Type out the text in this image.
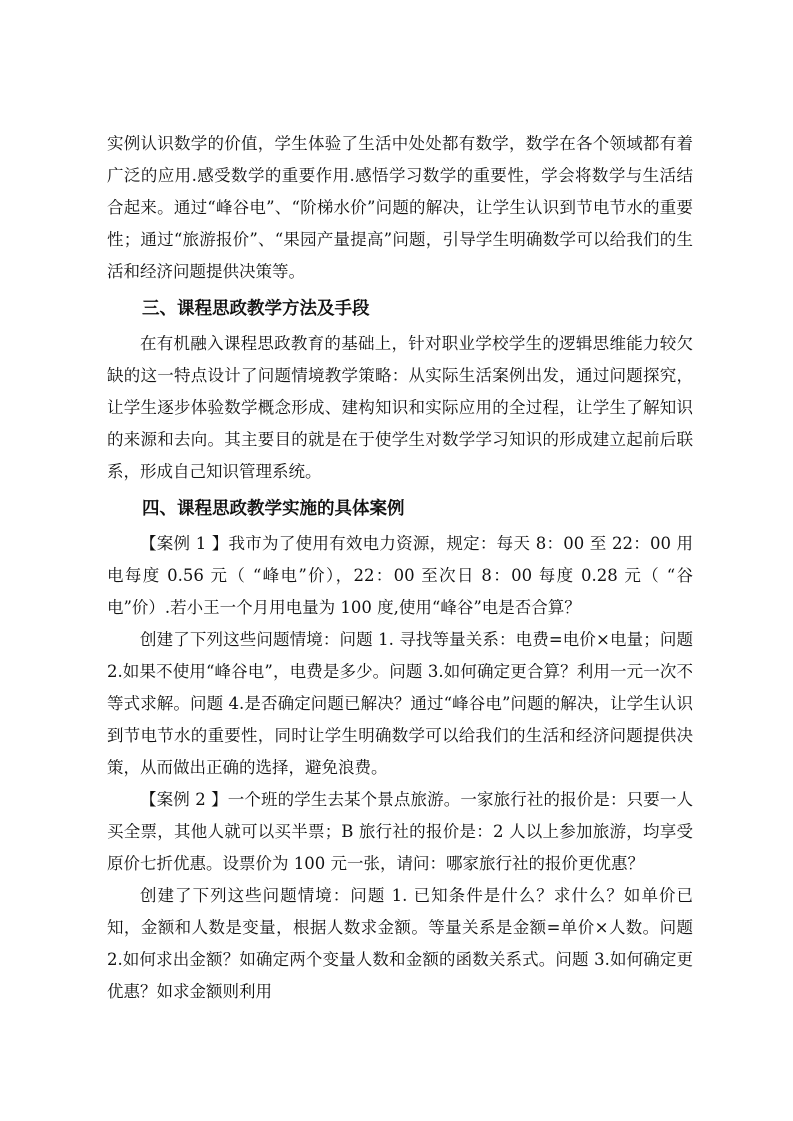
实例认识数学的价值，学生体验了生活中处处都有数学，数学在各个领域都有着广泛的应用.感受数学的重要作用.感悟学习数学的重要性，学会将数学与生活结合起来。通过“峰谷电”、“阶梯水价”问题的解决，让学生认识到节电节水的重要性；通过“旅游报价”、“果园产量提高”问题，引导学生明确数学可以给我们的生活和经济问题提供决策等。

三、课程思政教学方法及手段

在有机融入课程思政教育的基础上，针对职业学校学生的逻辑思维能力较欠缺的这一特点设计了问题情境教学策略：从实际生活案例出发，通过问题探究，让学生逐步体验数学概念形成、建构知识和实际应用的全过程，让学生了解知识的来源和去向。其主要目的就是在于使学生对数学学习知识的形成建立起前后联系，形成自己知识管理系统。

四、课程思政教学实施的具体案例

【案例 1 】我市为了使用有效电力资源，规定：每天 8：00 至 22：00 用电每度 0.56 元（ “峰电”价），22：00 至次日 8：00 每度 0.28 元（ “谷电”价）.若小王一个月用电量为 100 度,使用“峰谷”电是否合算？

创建了下列这些问题情境：问题 1. 寻找等量关系：电费=电价×电量；问题 2.如果不使用“峰谷电”，电费是多少。问题 3.如何确定更合算？利用一元一次不等式求解。问题 4.是否确定问题已解决？通过“峰谷电”问题的解决，让学生认识到节电节水的重要性，同时让学生明确数学可以给我们的生活和经济问题提供决策，从而做出正确的选择，避免浪费。

【案例 2 】一个班的学生去某个景点旅游。一家旅行社的报价是：只要一人买全票，其他人就可以买半票；B 旅行社的报价是：2 人以上参加旅游，均享受原价七折优惠。设票价为 100 元一张，请问：哪家旅行社的报价更优惠？

创建了下列这些问题情境：问题 1. 已知条件是什么？求什么？如单价已知，金额和人数是变量，根据人数求金额。等量关系是金额=单价×人数。问题 2.如何求出金额？如确定两个变量人数和金额的函数关系式。问题 3.如何确定更优惠？如求金额则利用
